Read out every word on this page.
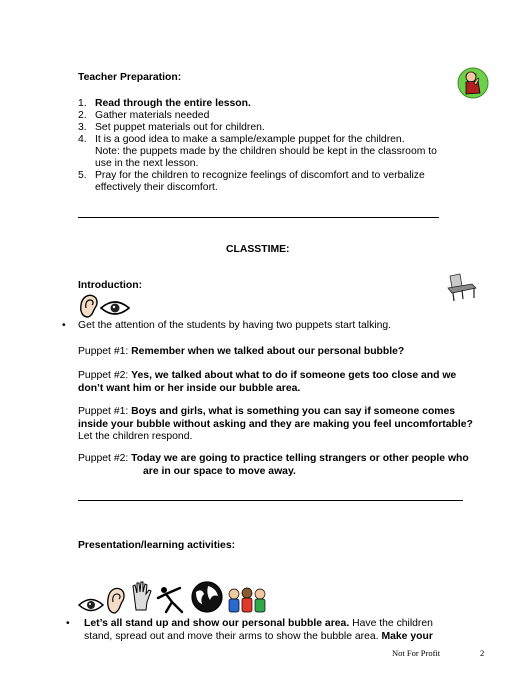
Teacher Preparation:
1. Read through the entire lesson.
2. Gather materials needed
3. Set puppet materials out for children.
4. It is a good idea to make a sample/example puppet for the children.
Note: the puppets made by the children should be kept in the classroom to
use in the next lesson.
5. Pray for the children to recognize feelings of discomfort and to verbalize
effectively their discomfort.
CLASSTIME:
Introduction:
• Get the attention of the students by having two puppets start talking.
Puppet #1: Remember when we talked about our personal bubble?
Puppet #2: Yes, we talked about what to do if someone gets too close and we
don’t want him or her inside our bubble area.
Puppet #1: Boys and girls, what is something you can say if someone comes
inside your bubble without asking and they are making you feel uncomfortable?
Let the children respond.
Puppet #2: Today we are going to practice telling strangers or other people who
are in our space to move away.
Presentation/learning activities:
• Let’s all stand up and show our personal bubble area. Have the children
stand, spread out and move their arms to show the bubble area. Make your
Not For Profit	2
